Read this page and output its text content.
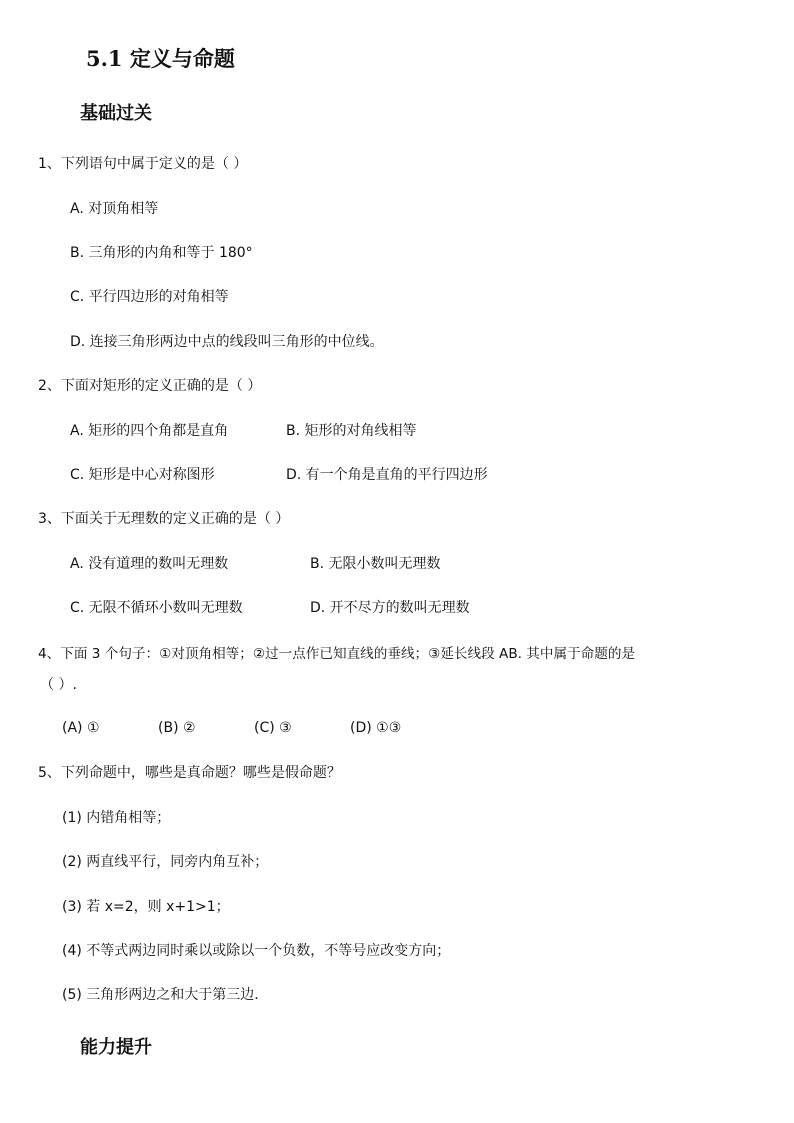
5.1 定义与命题
基础过关
1、下列语句中属于定义的是（ ）
A. 对顶角相等
B. 三角形的内角和等于 180°
C. 平行四边形的对角相等
D. 连接三角形两边中点的线段叫三角形的中位线。
2、下面对矩形的定义正确的是（ ）
A. 矩形的四个角都是直角	B. 矩形的对角线相等
C. 矩形是中心对称图形	D. 有一个角是直角的平行四边形
3、下面关于无理数的定义正确的是（ ）
A. 没有道理的数叫无理数	B. 无限小数叫无理数
C. 无限不循环小数叫无理数	D. 开不尽方的数叫无理数
4、下面 3 个句子：①对顶角相等；②过一点作已知直线的垂线；③延长线段 AB. 其中属于命题的是
（ ）.
(A) ①	(B) ②	(C) ③	(D) ①③
5、下列命题中，哪些是真命题？哪些是假命题？
(1) 内错角相等；
(2) 两直线平行，同旁内角互补；
(3) 若 x=2，则 x+1>1；
(4) 不等式两边同时乘以或除以一个负数，不等号应改变方向；
(5) 三角形两边之和大于第三边.
能力提升
